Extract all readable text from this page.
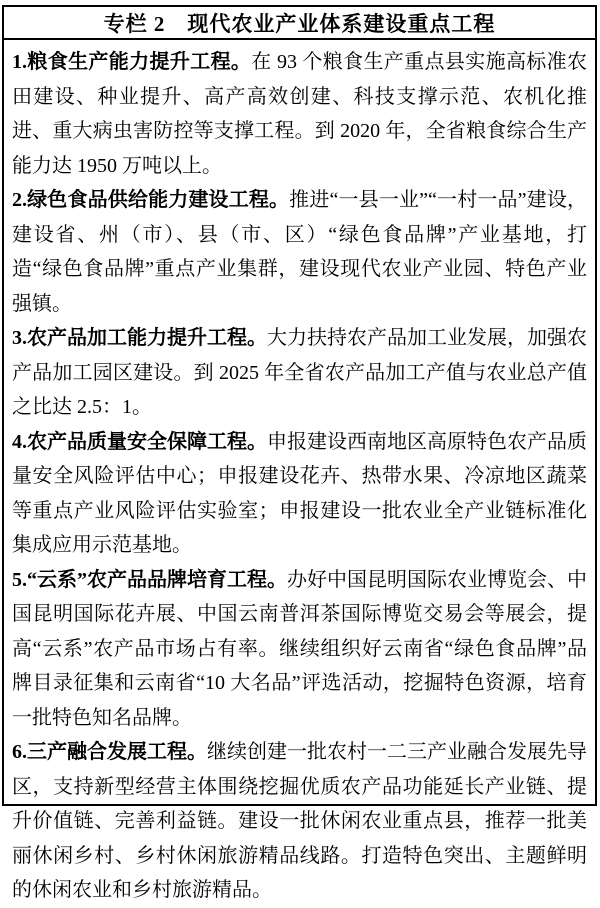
专栏 2　现代农业产业体系建设重点工程

1.粮食生产能力提升工程。在 93 个粮食生产重点县实施高标准农田建设、种业提升、高产高效创建、科技支撑示范、农机化推进、重大病虫害防控等支撑工程。到 2020 年，全省粮食综合生产能力达 1950 万吨以上。

2.绿色食品供给能力建设工程。推进“一县一业”“一村一品”建设，建设省、州（市）、县（市、区）“绿色食品牌”产业基地，打造“绿色食品牌”重点产业集群，建设现代农业产业园、特色产业强镇。

3.农产品加工能力提升工程。大力扶持农产品加工业发展，加强农产品加工园区建设。到 2025 年全省农产品加工产值与农业总产值之比达 2.5：1。

4.农产品质量安全保障工程。申报建设西南地区高原特色农产品质量安全风险评估中心；申报建设花卉、热带水果、冷凉地区蔬菜等重点产业风险评估实验室；申报建设一批农业全产业链标准化集成应用示范基地。

5.“云系”农产品品牌培育工程。办好中国昆明国际农业博览会、中国昆明国际花卉展、中国云南普洱茶国际博览交易会等展会，提高“云系”农产品市场占有率。继续组织好云南省“绿色食品牌”品牌目录征集和云南省“10 大名品”评选活动，挖掘特色资源，培育一批特色知名品牌。

6.三产融合发展工程。继续创建一批农村一二三产业融合发展先导区，支持新型经营主体围绕挖掘优质农产品功能延长产业链、提升价值链、完善利益链。建设一批休闲农业重点县，推荐一批美丽休闲乡村、乡村休闲旅游精品线路。打造特色突出、主题鲜明的休闲农业和乡村旅游精品。
